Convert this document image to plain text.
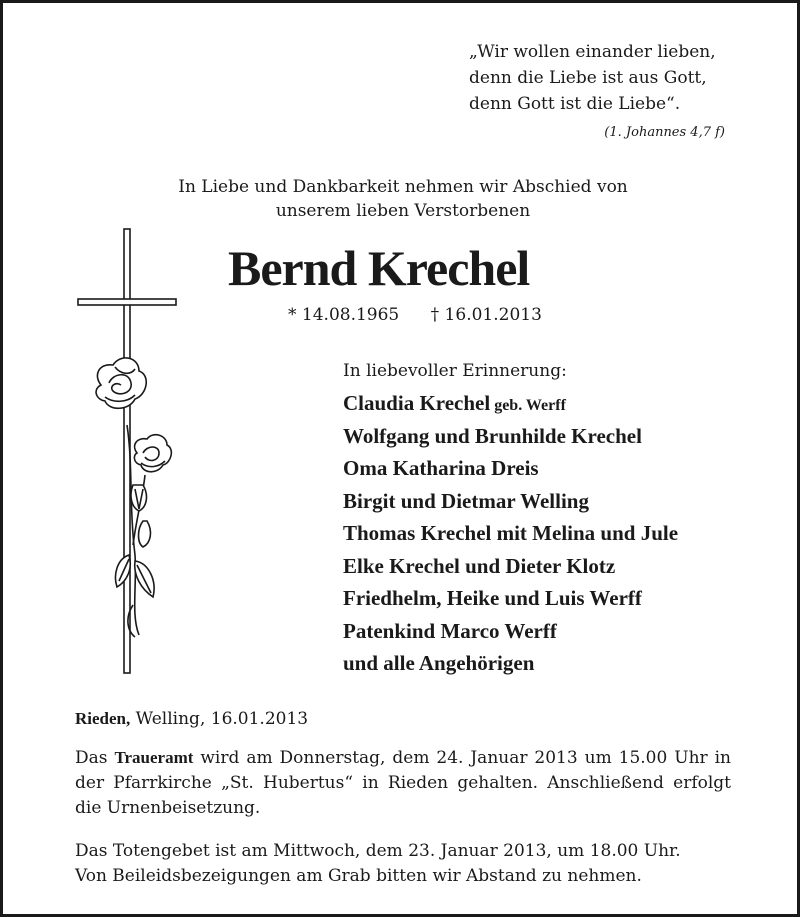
„Wir wollen einander lieben,
denn die Liebe ist aus Gott,
denn Gott ist die Liebe“.
(1. Johannes 4,7 f)
In Liebe und Dankbarkeit nehmen wir Abschied von
unserem lieben Verstorbenen
Bernd Krechel
* 14.08.1965 † 16.01.2013
In liebevoller Erinnerung:
Claudia Krechel geb. Werff
Wolfgang und Brunhilde Krechel
Oma Katharina Dreis
Birgit und Dietmar Welling
Thomas Krechel mit Melina und Jule
Elke Krechel und Dieter Klotz
Friedhelm, Heike und Luis Werff
Patenkind Marco Werff
und alle Angehörigen
Rieden, Welling, 16.01.2013
Das Traueramt wird am Donnerstag, dem 24. Januar 2013 um 15.00 Uhr in der Pfarrkirche „St. Hubertus“ in Rieden gehalten. Anschließend erfolgt die Urnenbeisetzung.
Das Totengebet ist am Mittwoch, dem 23. Januar 2013, um 18.00 Uhr.
Von Beileidsbezeigungen am Grab bitten wir Abstand zu nehmen.
